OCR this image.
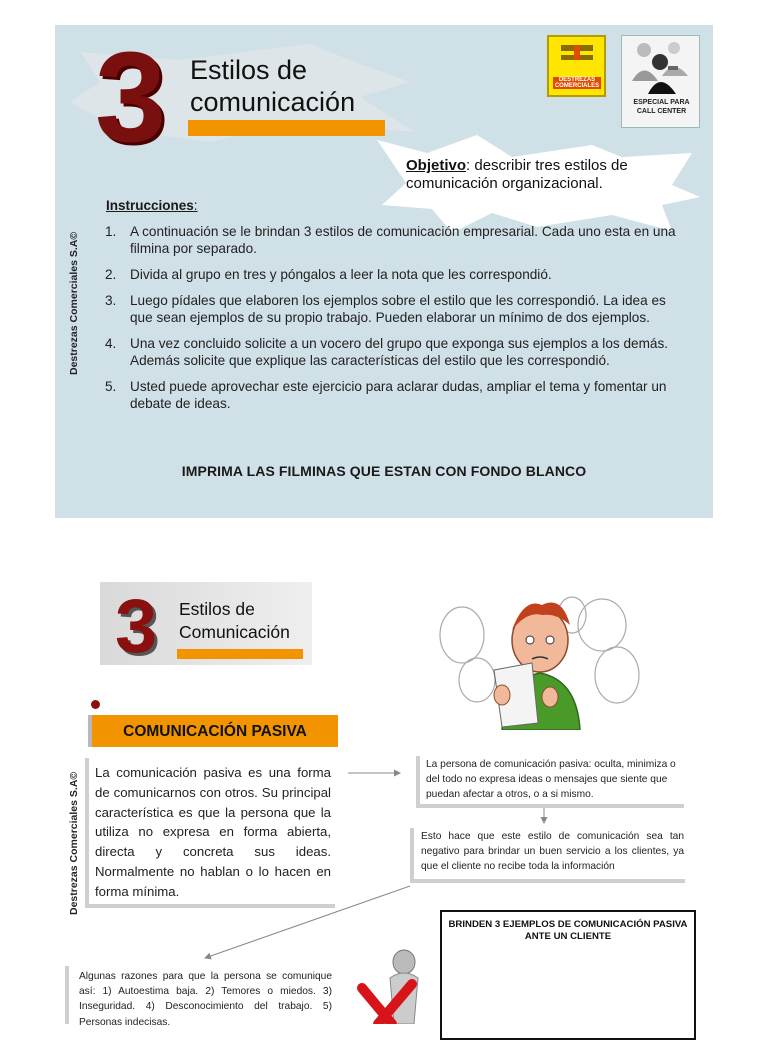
3 Estilos de
comunicación
DESTREZAS
COMERCIALES
ESPECIAL PARA
CALL CENTER
Objetivo: describir tres estilos de comunicación organizacional.
Destrezas Comerciales S.A©
Instrucciones:
1. A continuación se le brindan 3 estilos de comunicación empresarial. Cada uno esta en una filmina por separado.
2. Divida al grupo en tres y póngalos a leer la nota que les correspondió.
3. Luego pídales que elaboren los ejemplos sobre el estilo que les correspondió. La idea es que sean ejemplos de su propio trabajo. Pueden elaborar un mínimo de dos ejemplos.
4. Una vez concluido solicite a un vocero del grupo que exponga sus ejemplos a los demás. Además solicite que explique las características del estilo que les correspondió.
5. Usted puede aprovechar este ejercicio para aclarar dudas, ampliar el tema y fomentar un debate de ideas.
IMPRIMA LAS FILMINAS QUE ESTAN CON FONDO BLANCO
3 Estilos de
Comunicación
COMUNICACIÓN PASIVA
Destrezas Comerciales S.A© La comunicación pasiva es una forma de comunicarnos con otros. Su principal característica es que la persona que la utiliza no expresa en forma abierta, directa y concreta sus ideas. Normalmente no hablan o lo hacen en forma mínima.
La persona de comunicación pasiva: oculta, minimiza o del todo no expresa ideas o mensajes que siente que puedan afectar a otros, o a si mismo.
Esto hace que este estilo de comunicación sea tan negativo para brindar un buen servicio a los clientes, ya que el cliente no recibe toda la información
BRINDEN 3 EJEMPLOS DE COMUNICACIÓN PASIVA ANTE UN CLIENTE
Algunas razones para que la persona se comunique así: 1) Autoestima baja. 2) Temores o miedos. 3) Inseguridad. 4) Desconocimiento del trabajo. 5) Personas indecisas.
